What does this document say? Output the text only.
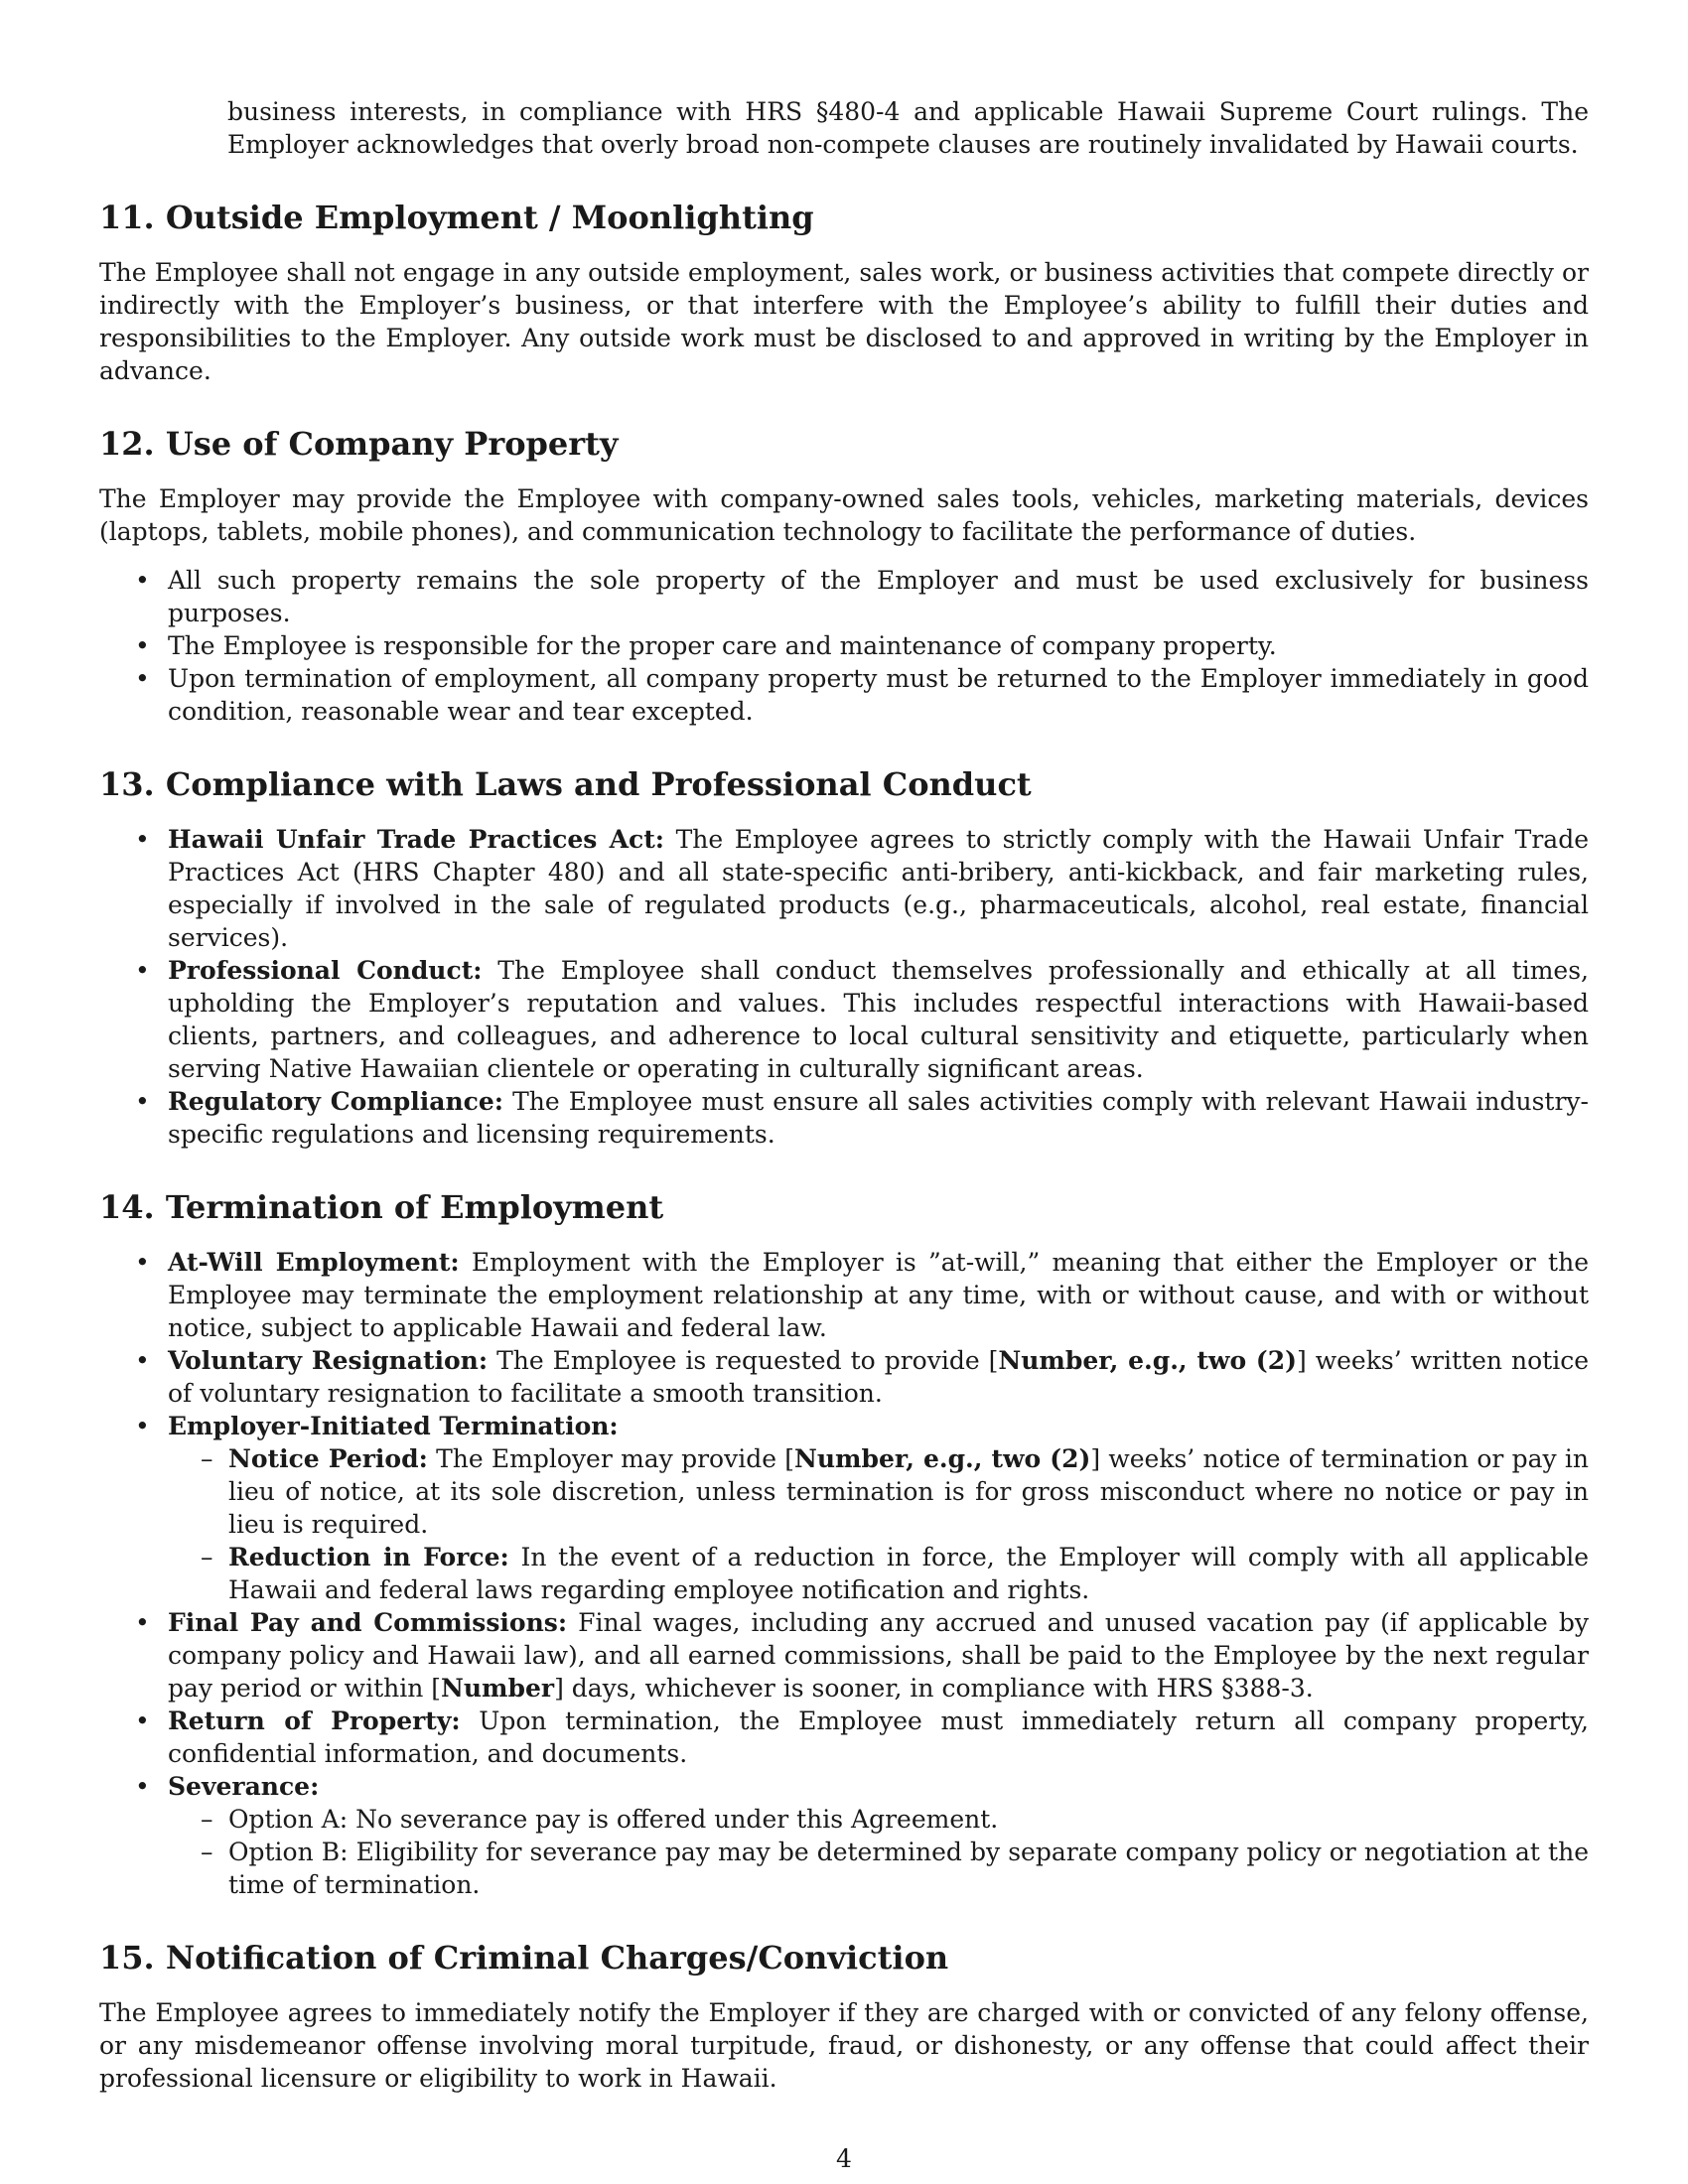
business interests, in compliance with HRS §480-4 and applicable Hawaii Supreme Court rulings. The Employer acknowledges that overly broad non-compete clauses are routinely invalidated by Hawaii courts.

11. Outside Employment / Moonlighting

The Employee shall not engage in any outside employment, sales work, or business activities that compete directly or indirectly with the Employer’s business, or that interfere with the Employee’s ability to fulfill their duties and responsibilities to the Employer. Any outside work must be disclosed to and approved in writing by the Employer in advance.

12. Use of Company Property

The Employer may provide the Employee with company-owned sales tools, vehicles, marketing materials, devices (laptops, tablets, mobile phones), and communication technology to facilitate the performance of duties.

• All such property remains the sole property of the Employer and must be used exclusively for business purposes.
• The Employee is responsible for the proper care and maintenance of company property.
• Upon termination of employment, all company property must be returned to the Employer immediately in good condition, reasonable wear and tear excepted.
13. Compliance with Laws and Professional Conduct
• Hawaii Unfair Trade Practices Act: The Employee agrees to strictly comply with the Hawaii Unfair Trade Practices Act (HRS Chapter 480) and all state-specific anti-bribery, anti-kickback, and fair marketing rules, especially if involved in the sale of regulated products (e.g., pharmaceuticals, alcohol, real estate, financial services).
• Professional Conduct: The Employee shall conduct themselves professionally and ethically at all times, upholding the Employer’s reputation and values. This includes respectful interactions with Hawaii-based clients, partners, and colleagues, and adherence to local cultural sensitivity and etiquette, particularly when serving Native Hawaiian clientele or operating in culturally significant areas.
• Regulatory Compliance: The Employee must ensure all sales activities comply with relevant Hawaii industry-specific regulations and licensing requirements.
14. Termination of Employment
• At-Will Employment: Employment with the Employer is ”at-will,” meaning that either the Employer or the Employee may terminate the employment relationship at any time, with or without cause, and with or without notice, subject to applicable Hawaii and federal law.
• Voluntary Resignation: The Employee is requested to provide [Number, e.g., two (2)] weeks’ written notice of voluntary resignation to facilitate a smooth transition.
• Employer-Initiated Termination:
– Notice Period: The Employer may provide [Number, e.g., two (2)] weeks’ notice of termination or pay in lieu of notice, at its sole discretion, unless termination is for gross misconduct where no notice or pay in lieu is required.
– Reduction in Force: In the event of a reduction in force, the Employer will comply with all applicable Hawaii and federal laws regarding employee notification and rights.
• Final Pay and Commissions: Final wages, including any accrued and unused vacation pay (if applicable by company policy and Hawaii law), and all earned commissions, shall be paid to the Employee by the next regular pay period or within [Number] days, whichever is sooner, in compliance with HRS §388-3.
• Return of Property: Upon termination, the Employee must immediately return all company property, confidential information, and documents.
• Severance:
– Option A: No severance pay is offered under this Agreement.
– Option B: Eligibility for severance pay may be determined by separate company policy or negotiation at the time of termination.
15. Notification of Criminal Charges/Conviction

The Employee agrees to immediately notify the Employer if they are charged with or convicted of any felony offense, or any misdemeanor offense involving moral turpitude, fraud, or dishonesty, or any offense that could affect their professional licensure or eligibility to work in Hawaii.

4
